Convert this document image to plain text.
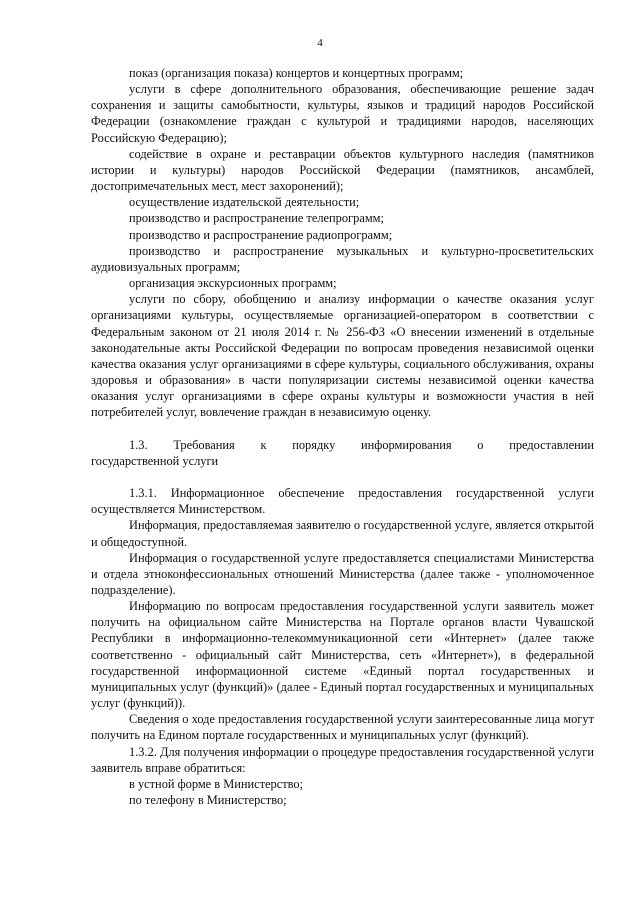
4

показ (организация показа) концертов и концертных программ;

услуги в сфере дополнительного образования, обеспечивающие решение задач сохранения и защиты самобытности, культуры, языков и традиций народов Российской Федерации (ознакомление граждан с культурой и традициями народов, населяющих Российскую Федерацию);

содействие в охране и реставрации объектов культурного наследия (памятников истории и культуры) народов Российской Федерации (памятников, ансамблей, достопримечательных мест, мест захоронений);

осуществление издательской деятельности;

производство и распространение телепрограмм;

производство и распространение радиопрограмм;

производство и распространение музыкальных и культурно-просветительских аудиовизуальных программ;

организация экскурсионных программ;

услуги по сбору, обобщению и анализу информации о качестве оказания услуг организациями культуры, осуществляемые организацией-оператором в соответствии с Федеральным законом от 21 июля 2014 г. № 256-ФЗ «О внесении изменений в отдельные законодательные акты Российской Федерации по вопросам проведения независимой оценки качества оказания услуг организациями в сфере культуры, социального обслуживания, охраны здоровья и образования» в части популяризации системы независимой оценки качества оказания услуг организациями в сфере охраны культуры и возможности участия в ней потребителей услуг, вовлечение граждан в независимую оценку.

1.3. Требования к порядку информирования о предоставлении
государственной услуги

1.3.1. Информационное обеспечение предоставления государственной услуги осуществляется Министерством.

Информация, предоставляемая заявителю о государственной услуге, является открытой и общедоступной.

Информация о государственной услуге предоставляется специалистами Министерства и отдела этноконфессиональных отношений Министерства (далее также - уполномоченное подразделение).

Информацию по вопросам предоставления государственной услуги заявитель может получить на официальном сайте Министерства на Портале органов власти Чувашской Республики в информационно-телекоммуникационной сети «Интернет» (далее также соответственно - официальный сайт Министерства, сеть «Интернет»), в федеральной государственной информационной системе «Единый портал государственных и муниципальных услуг (функций)» (далее - Единый портал государственных и муниципальных услуг (функций)).

Сведения о ходе предоставления государственной услуги заинтересованные лица могут получить на Едином портале государственных и муниципальных услуг (функций).

1.3.2. Для получения информации о процедуре предоставления государственной услуги заявитель вправе обратиться:

в устной форме в Министерство;

по телефону в Министерство;
